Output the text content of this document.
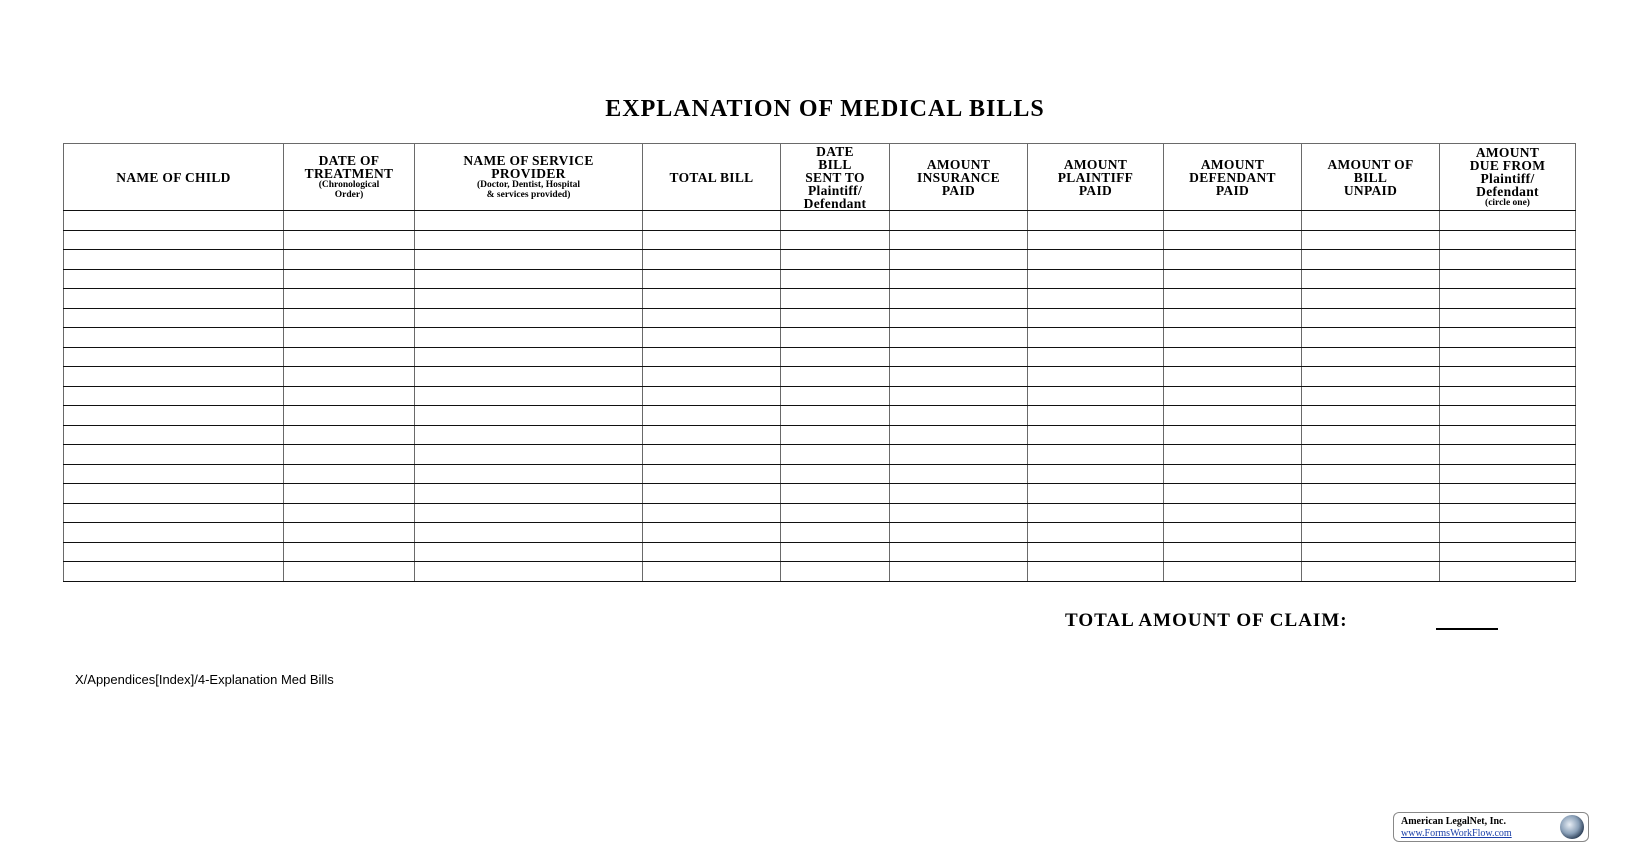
EXPLANATION OF MEDICAL BILLS
NAME OF CHILD	DATE OF
TREATMENT
(Chronological
Order)	NAME OF SERVICE
PROVIDER
(Doctor, Dentist, Hospital
& services provided)	TOTAL BILL	DATE
BILL
SENT TO
Plaintiff/
Defendant	AMOUNT
INSURANCE
PAID	AMOUNT
PLAINTIFF
PAID	AMOUNT
DEFENDANT
PAID	AMOUNT OF
BILL
UNPAID	AMOUNT
DUE FROM
Plaintiff/
Defendant
(circle one)

TOTAL AMOUNT OF CLAIM:
X/Appendices[Index]/4-Explanation Med Bills
American LegalNet, Inc.
www.FormsWorkFlow.com
